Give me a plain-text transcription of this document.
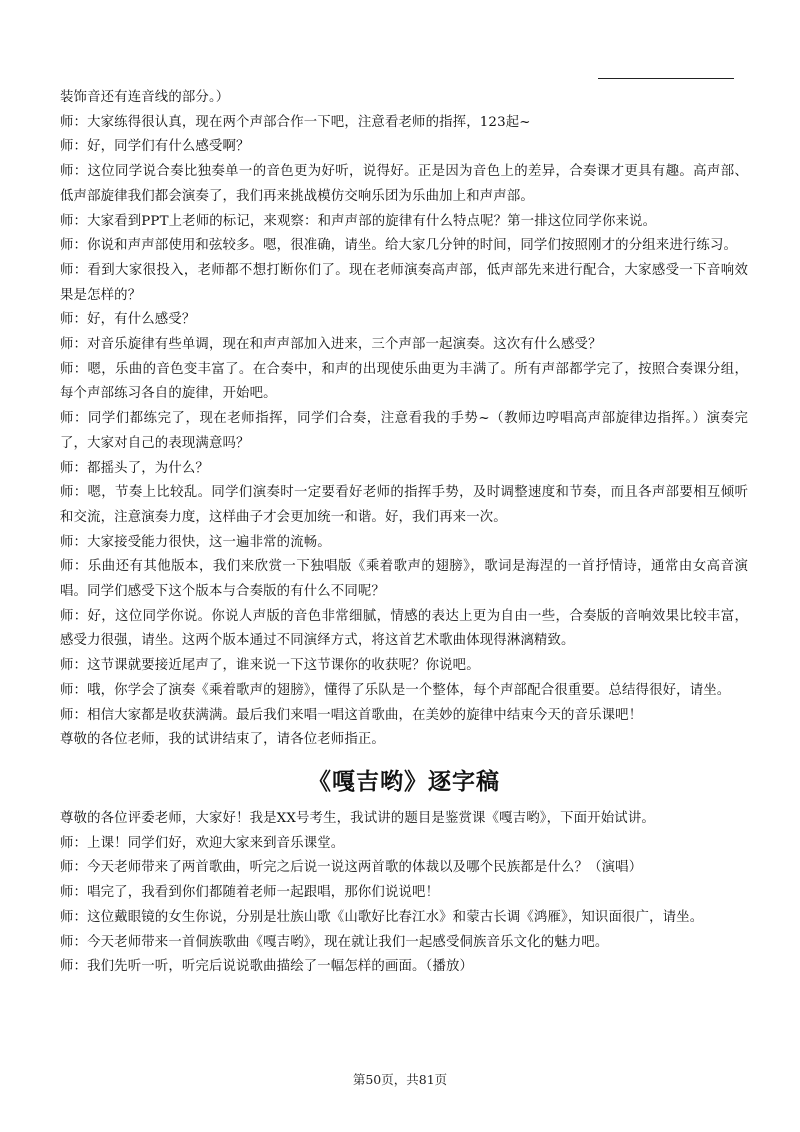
装饰音还有连音线的部分。）

师：大家练得很认真，现在两个声部合作一下吧，注意看老师的指挥，123起~

师：好，同学们有什么感受啊？

师：这位同学说合奏比独奏单一的音色更为好听，说得好。正是因为音色上的差异，合奏课才更具有趣。高声部、低声部旋律我们都会演奏了，我们再来挑战模仿交响乐团为乐曲加上和声声部。

师：大家看到PPT上老师的标记，来观察：和声声部的旋律有什么特点呢？第一排这位同学你来说。

师：你说和声声部使用和弦较多。嗯，很准确，请坐。给大家几分钟的时间，同学们按照刚才的分组来进行练习。

师：看到大家很投入，老师都不想打断你们了。现在老师演奏高声部，低声部先来进行配合，大家感受一下音响效果是怎样的？

师：好，有什么感受？

师：对音乐旋律有些单调，现在和声声部加入进来，三个声部一起演奏。这次有什么感受？

师：嗯，乐曲的音色变丰富了。在合奏中，和声的出现使乐曲更为丰满了。所有声部都学完了，按照合奏课分组，每个声部练习各自的旋律，开始吧。

师：同学们都练完了，现在老师指挥，同学们合奏，注意看我的手势~（教师边哼唱高声部旋律边指挥。）演奏完了，大家对自己的表现满意吗？

师：都摇头了，为什么？

师：嗯，节奏上比较乱。同学们演奏时一定要看好老师的指挥手势，及时调整速度和节奏，而且各声部要相互倾听和交流，注意演奏力度，这样曲子才会更加统一和谐。好，我们再来一次。

师：大家接受能力很快，这一遍非常的流畅。

师：乐曲还有其他版本，我们来欣赏一下独唱版《乘着歌声的翅膀》，歌词是海涅的一首抒情诗，通常由女高音演唱。同学们感受下这个版本与合奏版的有什么不同呢？

师：好，这位同学你说。你说人声版的音色非常细腻，情感的表达上更为自由一些，合奏版的音响效果比较丰富，感受力很强，请坐。这两个版本通过不同演绎方式，将这首艺术歌曲体现得淋漓精致。

师：这节课就要接近尾声了，谁来说一下这节课你的收获呢？你说吧。

师：哦，你学会了演奏《乘着歌声的翅膀》，懂得了乐队是一个整体，每个声部配合很重要。总结得很好，请坐。

师：相信大家都是收获满满。最后我们来唱一唱这首歌曲，在美妙的旋律中结束今天的音乐课吧！

尊敬的各位老师，我的试讲结束了，请各位老师指正。

《嘎吉哟》逐字稿

尊敬的各位评委老师，大家好！我是XX号考生，我试讲的题目是鉴赏课《嘎吉哟》，下面开始试讲。

师：上课！同学们好，欢迎大家来到音乐课堂。

师：今天老师带来了两首歌曲，听完之后说一说这两首歌的体裁以及哪个民族都是什么？（演唱）

师：唱完了，我看到你们都随着老师一起跟唱，那你们说说吧！

师：这位戴眼镜的女生你说，分别是壮族山歌《山歌好比春江水》和蒙古长调《鸿雁》，知识面很广，请坐。

师：今天老师带来一首侗族歌曲《嘎吉哟》，现在就让我们一起感受侗族音乐文化的魅力吧。

师：我们先听一听，听完后说说歌曲描绘了一幅怎样的画面。（播放）

第50页，共81页
